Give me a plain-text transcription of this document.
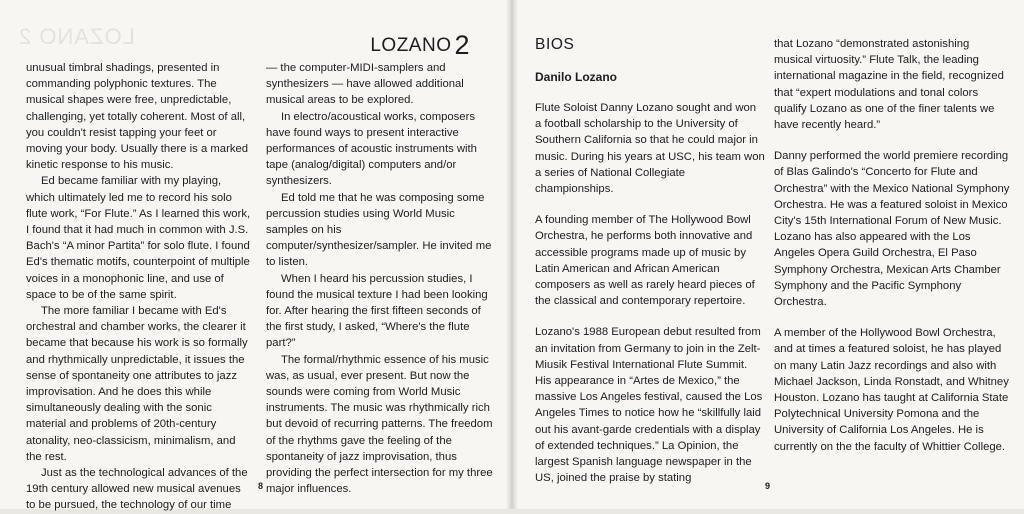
LOZANO 2	LOZANO 2

unusual timbral shadings, presented in commanding polyphonic textures. The musical shapes were free, unpredictable, challenging, yet totally coherent. Most of all, you couldn't resist tapping your feet or moving your body. Usually there is a marked kinetic response to his music.

Ed became familiar with my playing, which ultimately led me to record his solo flute work, “For Flute.” As I learned this work, I found that it had much in common with J.S. Bach's “A minor Partita” for solo flute. I found Ed's thematic motifs, counterpoint of multiple voices in a monophonic line, and use of space to be of the same spirit.

The more familiar I became with Ed's orchestral and chamber works, the clearer it became that because his work is so formally and rhythmically unpredictable, it issues the sense of spontaneity one attributes to jazz improvisation. And he does this while simultaneously dealing with the sonic material and problems of 20th-century atonality, neo-classicism, minimalism, and the rest.

Just as the technological advances of the 19th century allowed new musical avenues to be pursued, the technology of our time

— the computer-MIDI-samplers and synthesizers — have allowed additional musical areas to be explored.

In electro/acoustical works, composers have found ways to present interactive performances of acoustic instruments with tape (analog/digital) computers and/or synthesizers.

Ed told me that he was composing some percussion studies using World Music samples on his computer/synthesizer/sampler. He invited me to listen.

When I heard his percussion studies, I found the musical texture I had been looking for. After hearing the first fifteen seconds of the first study, I asked, “Where's the flute part?”

The formal/rhythmic essence of his music was, as usual, ever present. But now the sounds were coming from World Music instruments. The music was rhythmically rich but devoid of recurring patterns. The freedom of the rhythms gave the feeling of the spontaneity of jazz improvisation, thus providing the perfect intersection for my three major influences.

8
BIOS
Danilo Lozano

Flute Soloist Danny Lozano sought and won a football scholarship to the University of Southern California so that he could major in music. During his years at USC, his team won a series of National Collegiate championships.

A founding member of The Hollywood Bowl Orchestra, he performs both innovative and accessible programs made up of music by Latin American and African American composers as well as rarely heard pieces of the classical and contemporary repertoire.

Lozano's 1988 European debut resulted from an invitation from Germany to join in the Zelt-Miusik Festival International Flute Summit. His appearance in “Artes de Mexico,” the massive Los Angeles festival, caused the Los Angeles Times to notice how he “skillfully laid out his avant-garde credentials with a display of extended techniques.” La Opinion, the largest Spanish language newspaper in the US, joined the praise by stating

that Lozano “demonstrated astonishing musical virtuosity.” Flute Talk, the leading international magazine in the field, recognized that “expert modulations and tonal colors qualify Lozano as one of the finer talents we have recently heard.”

Danny performed the world premiere recording of Blas Galindo's “Concerto for Flute and Orchestra” with the Mexico National Symphony Orchestra. He was a featured soloist in Mexico City's 15th International Forum of New Music. Lozano has also appeared with the Los Angeles Opera Guild Orchestra, El Paso Symphony Orchestra, Mexican Arts Chamber Symphony and the Pacific Symphony Orchestra.

A member of the Hollywood Bowl Orchestra, and at times a featured soloist, he has played on many Latin Jazz recordings and also with Michael Jackson, Linda Ronstadt, and Whitney Houston. Lozano has taught at California State Polytechnical University Pomona and the University of California Los Angeles. He is currently on the the faculty of Whittier College.

9
